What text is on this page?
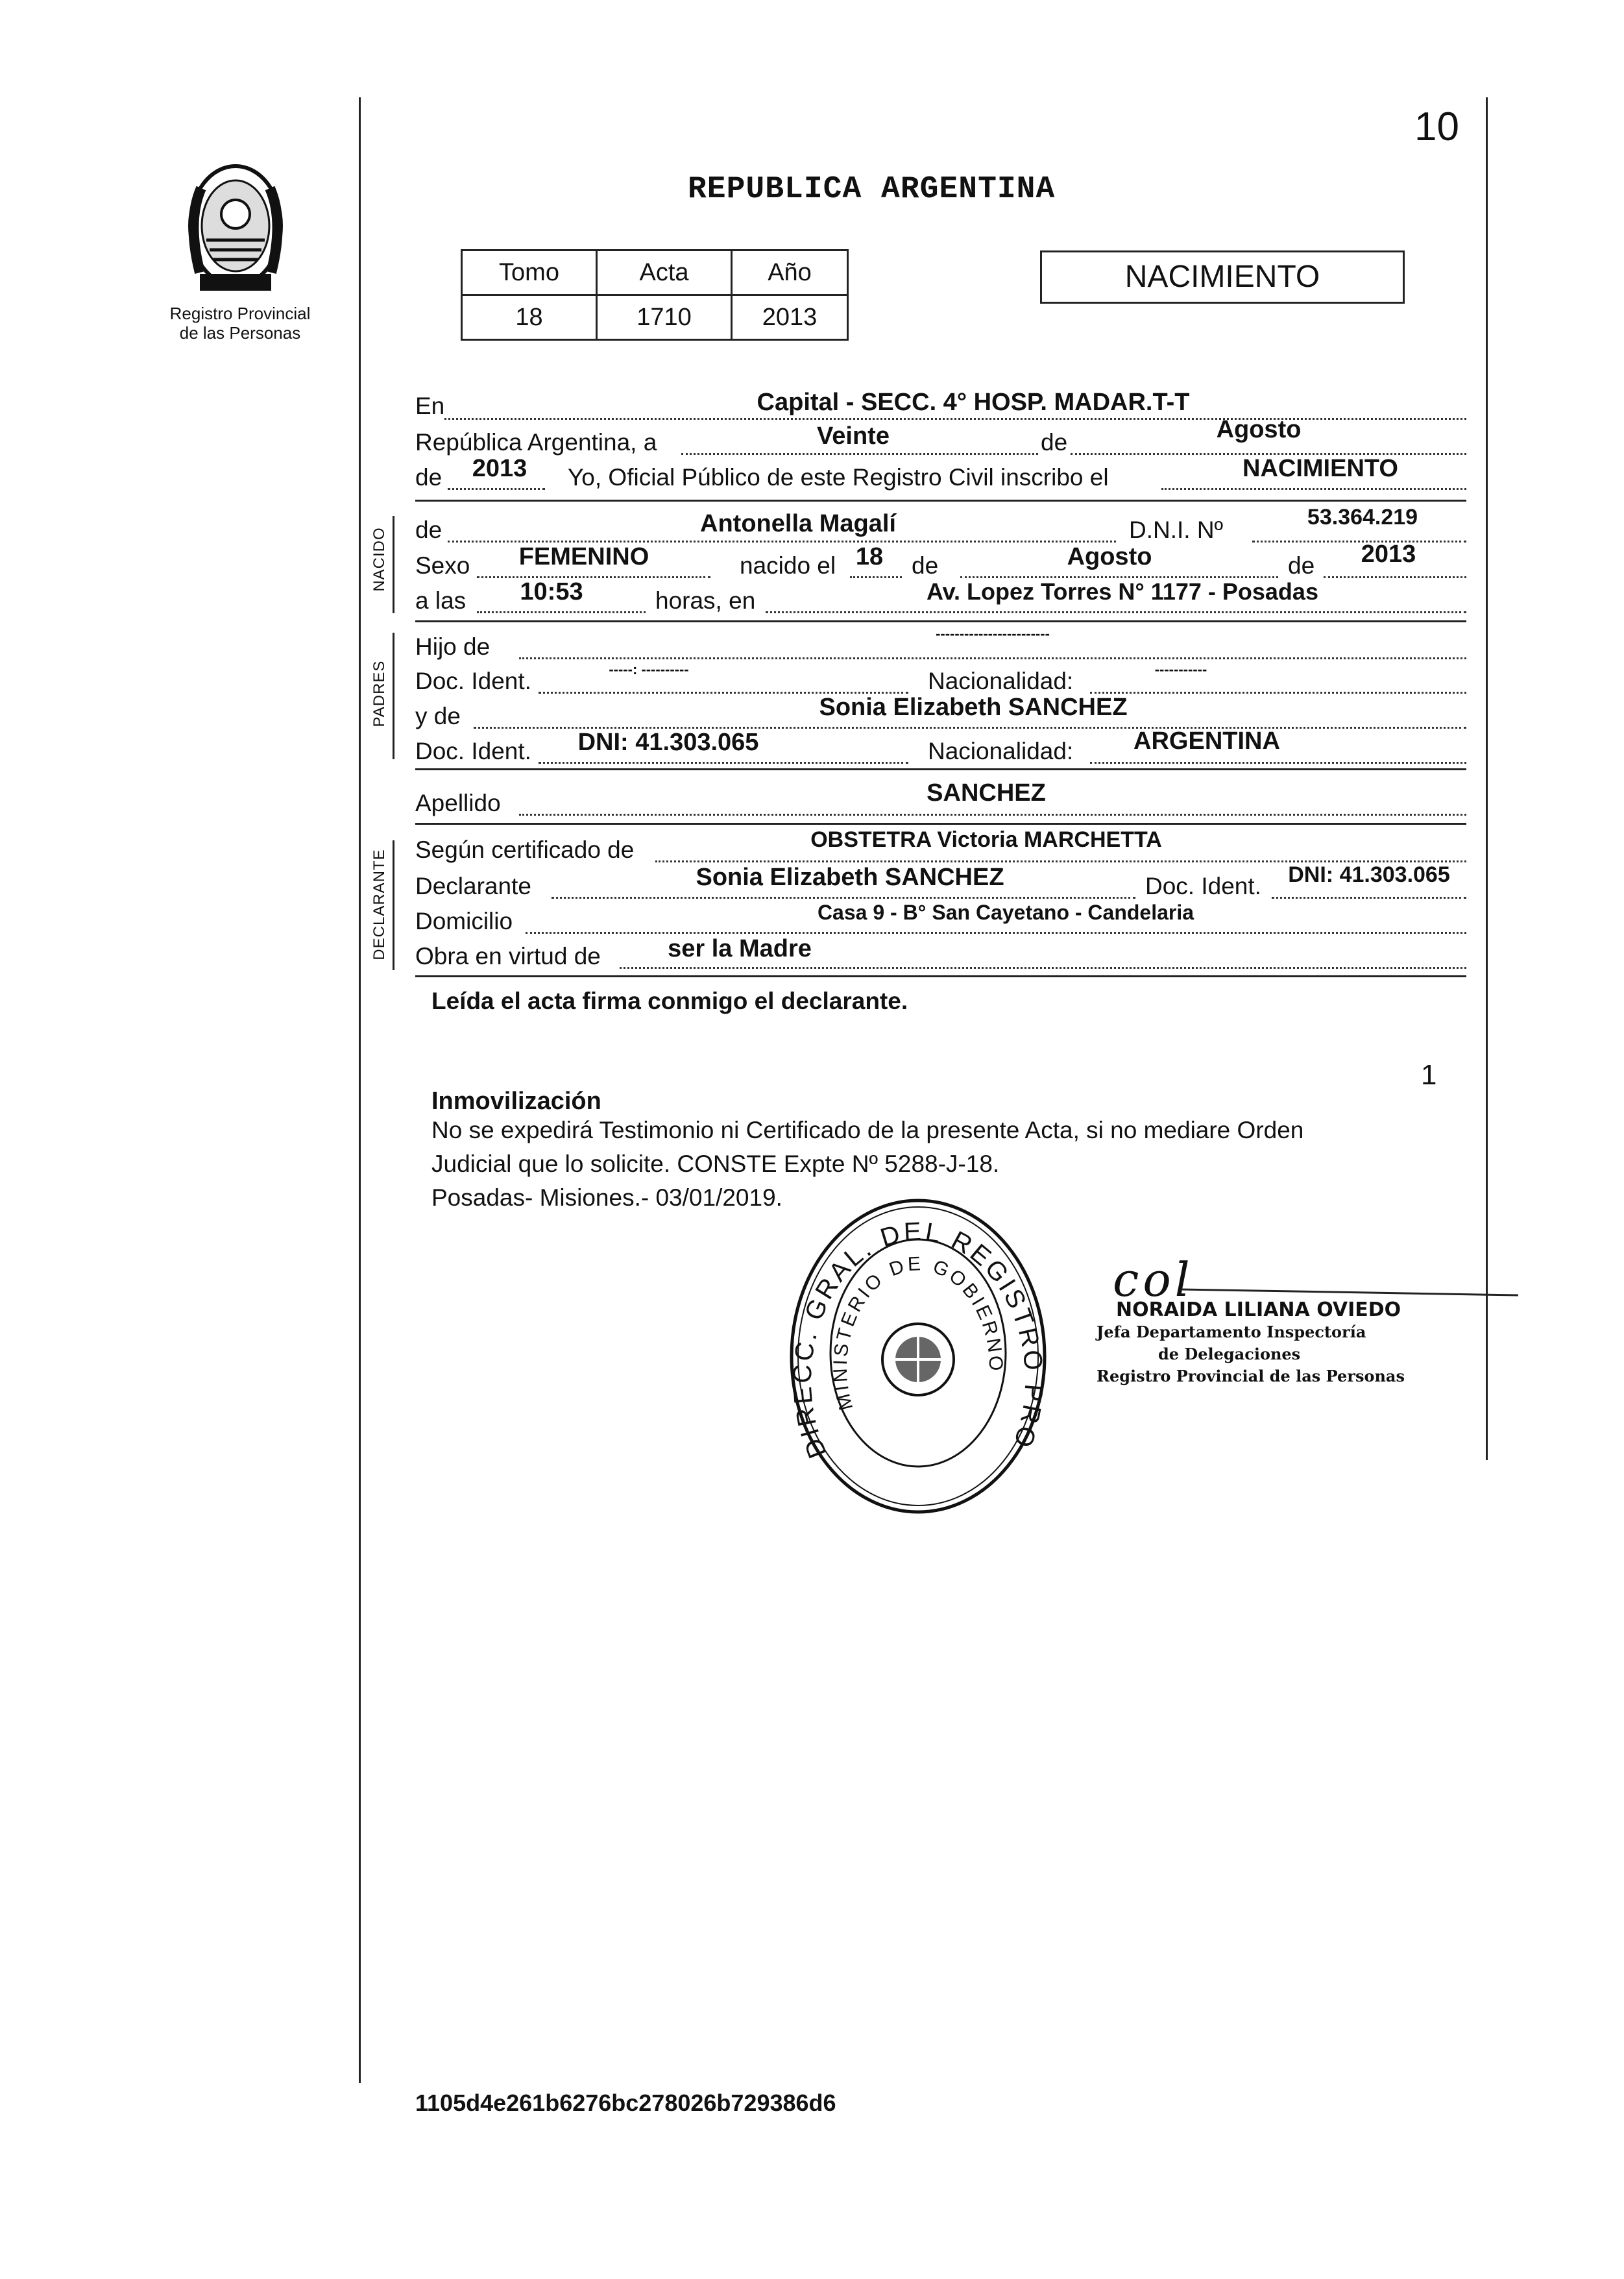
10
Registro Provincial
de las Personas
REPUBLICA ARGENTINA
Tomo	Acta	Año
18	1710	2013
NACIMIENTO
NACIDO
PADRES
DECLARANTE
En	Capital - SECC. 4° HOSP. MADAR.T-T
República Argentina, a	Veinte	de	Agosto
de	2013	Yo, Oficial Público de este Registro Civil inscribo el	NACIMIENTO
de	Antonella Magalí	D.N.I. Nº	53.364.219
Sexo	FEMENINO	nacido el 18 de	Agosto	de	2013
a las	10:53	horas, en	Av. Lopez Torres N° 1177 - Posadas
Hijo de	------------------------
Doc. Ident.	-----: ----------	Nacionalidad:	-----------
y de	Sonia Elizabeth SANCHEZ
Doc. Ident.	DNI: 41.303.065	Nacionalidad:	ARGENTINA
Apellido	SANCHEZ
Según certificado de	OBSTETRA Victoria MARCHETTA
Declarante	Sonia Elizabeth SANCHEZ	Doc. Ident.	DNI: 41.303.065
Domicilio	Casa 9 - B° San Cayetano - Candelaria
Obra en virtud de	ser la Madre
Leída el acta firma conmigo el declarante.
1
Inmovilización
No se expedirá Testimonio ni Certificado de la presente Acta, si no mediare Orden
Judicial que lo solicite. CONSTE Expte Nº 5288-J-18.
Posadas- Misiones.- 03/01/2019.
DIRECC. GRAL. DEL REGISTRO PRO
MINISTERIO DE GOBIERNO
col
NORAIDA LILIANA OVIEDO
Jefa Departamento Inspectoría
de Delegaciones
Registro Provincial de las Personas
1105d4e261b6276bc278026b729386d6
